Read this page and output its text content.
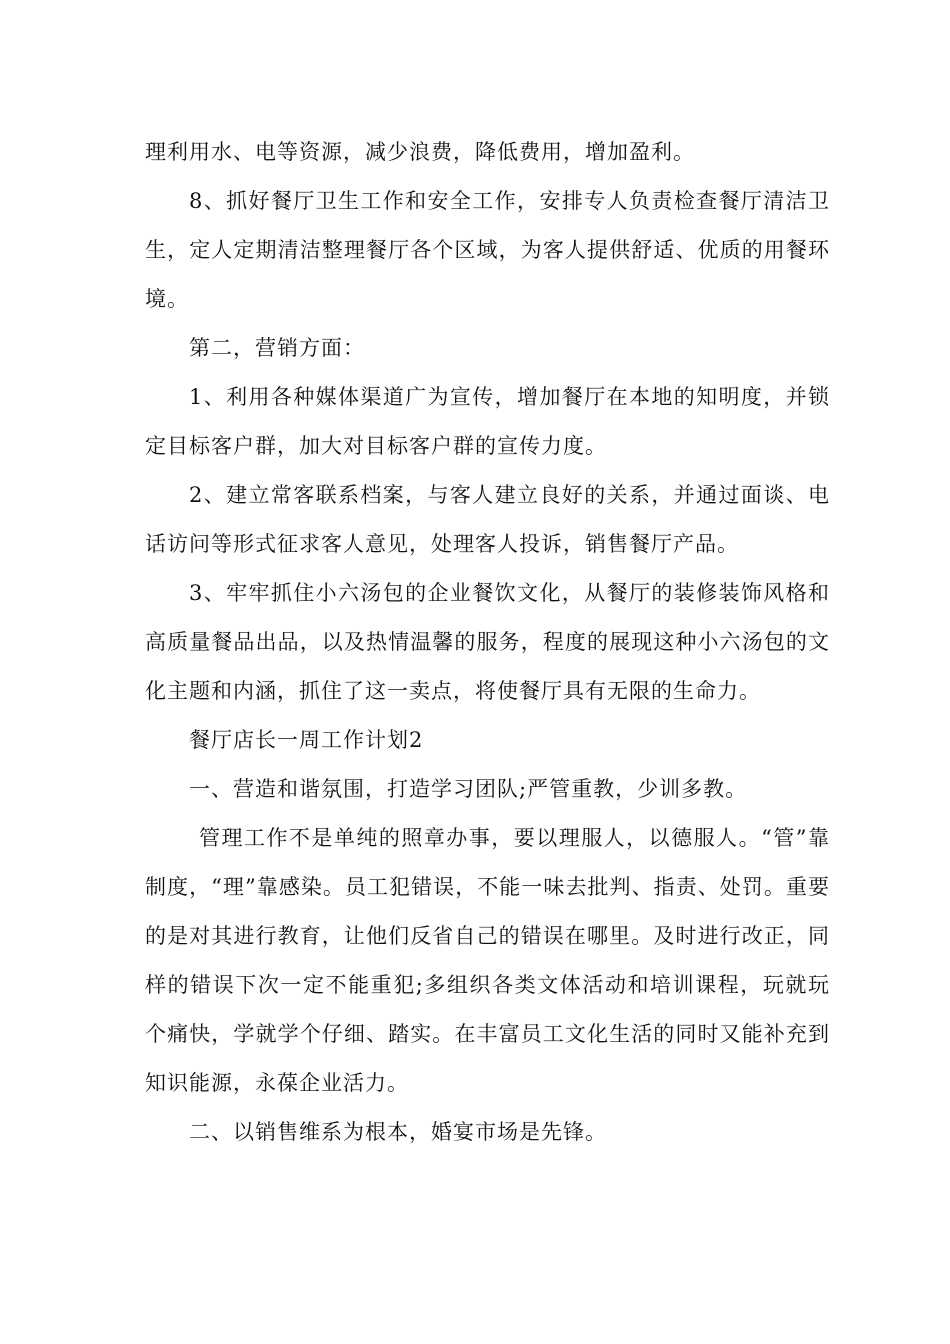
理利用水、电等资源，减少浪费，降低费用，增加盈利。

8、抓好餐厅卫生工作和安全工作，安排专人负责检查餐厅清洁卫生，定人定期清洁整理餐厅各个区域，为客人提供舒适、优质的用餐环境。

第二，营销方面：

1、利用各种媒体渠道广为宣传，增加餐厅在本地的知明度，并锁定目标客户群，加大对目标客户群的宣传力度。

2、建立常客联系档案，与客人建立良好的关系，并通过面谈、电话访问等形式征求客人意见，处理客人投诉，销售餐厅产品。

3、牢牢抓住小六汤包的企业餐饮文化，从餐厅的装修装饰风格和高质量餐品出品，以及热情温馨的服务，程度的展现这种小六汤包的文化主题和内涵，抓住了这一卖点，将使餐厅具有无限的生命力。

餐厅店长一周工作计划2

一、营造和谐氛围，打造学习团队;严管重教，少训多教。

管理工作不是单纯的照章办事，要以理服人，以德服人。“管”靠制度，“理”靠感染。员工犯错误，不能一味去批判、指责、处罚。重要的是对其进行教育，让他们反省自己的错误在哪里。及时进行改正，同样的错误下次一定不能重犯;多组织各类文体活动和培训课程，玩就玩个痛快，学就学个仔细、踏实。在丰富员工文化生活的同时又能补充到知识能源，永葆企业活力。

二、以销售维系为根本，婚宴市场是先锋。
